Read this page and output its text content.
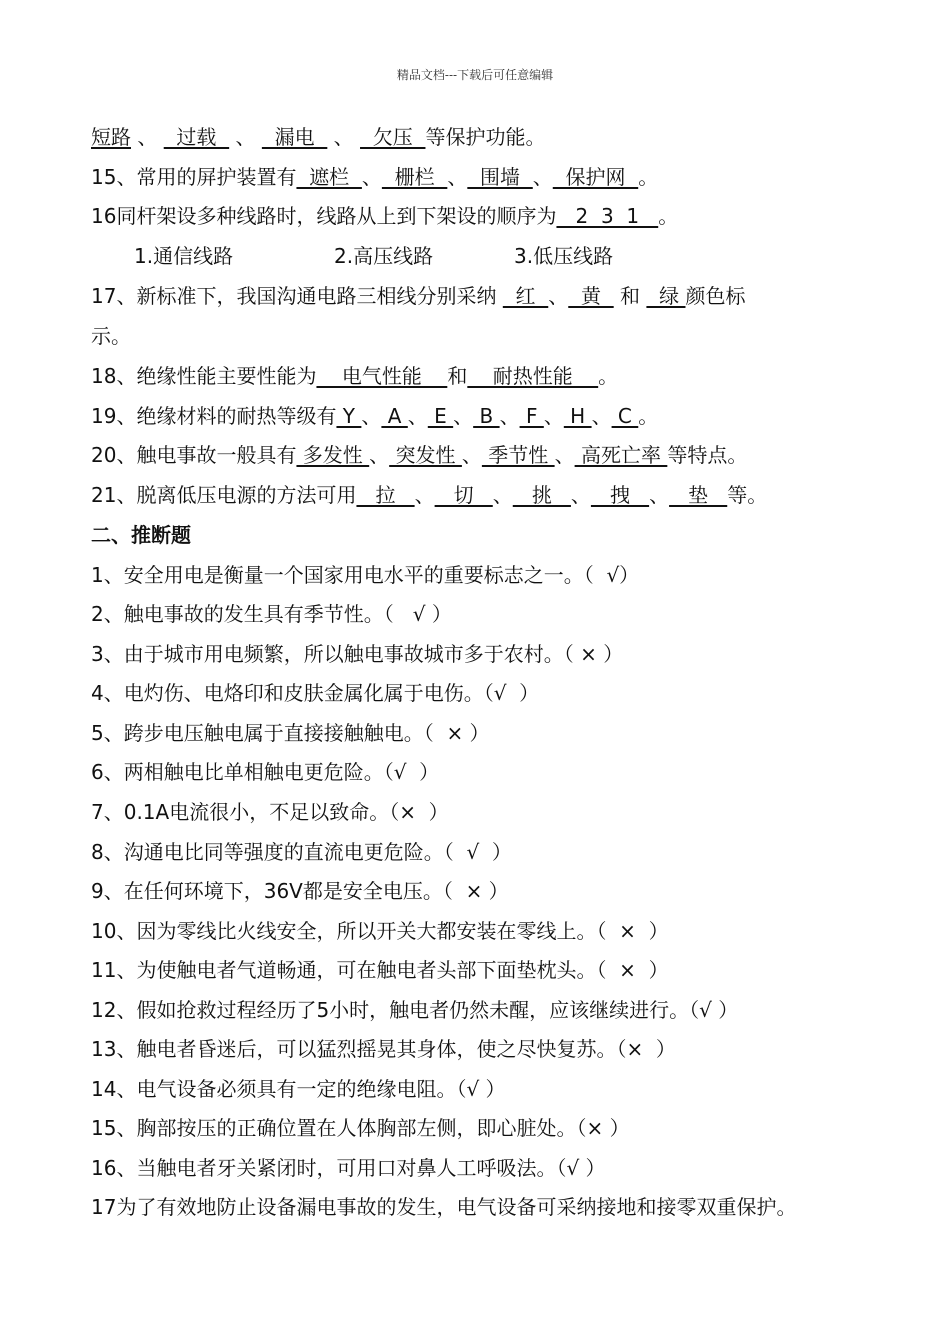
精品文档---下载后可任意编辑
短路 、   过载   、   漏电   、   欠压  等保护功能。
15、常用的屏护装置有  遮栏  、  栅栏  、  围墙  、  保护网  。
16同杆架设多种线路时，线路从上到下架设的顺序为   2  3  1   。
1.通信线路	2.高压线路	3.低压线路
17、新标准下，我国沟通电路三相线分别采纳   红  、  黄   和   绿 颜色标
示。
18、绝缘性能主要性能为    电气性能    和    耐热性能    。
19、绝缘材料的耐热等级有 Y 、 A 、 E 、 B 、 F 、 H 、 C 。
20、触电事故一般具有 多发性 、 突发性 、 季节性 、 高死亡率 等特点。
21、脱离低压电源的方法可用   拉   、   切   、   挑   、   拽   、   垫   等。
二、推断题
1、安全用电是衡量一个国家用电水平的重要标志之一。（  √）
2、触电事故的发生具有季节性。（   √ ）
3、由于城市用电频繁，所以触电事故城市多于农村。（ × ）
4、电灼伤、电烙印和皮肤金属化属于电伤。（√  ）
5、跨步电压触电属于直接接触触电。（  × ）
6、两相触电比单相触电更危险。（√  ）
7、0.1A电流很小，不足以致命。（×  ）
8、沟通电比同等强度的直流电更危险。（  √  ）
9、在任何环境下，36V都是安全电压。（  × ）
10、因为零线比火线安全，所以开关大都安装在零线上。（  ×  ）
11、为使触电者气道畅通，可在触电者头部下面垫枕头。（  ×  ）
12、假如抢救过程经历了5小时，触电者仍然未醒，应该继续进行。（√ ）
13、触电者昏迷后，可以猛烈摇晃其身体，使之尽快复苏。（×  ）
14、电气设备必须具有一定的绝缘电阻。（√ ）
15、胸部按压的正确位置在人体胸部左侧，即心脏处。（× ）
16、当触电者牙关紧闭时，可用口对鼻人工呼吸法。（√ ）
17为了有效地防止设备漏电事故的发生，电气设备可采纳接地和接零双重保护。
